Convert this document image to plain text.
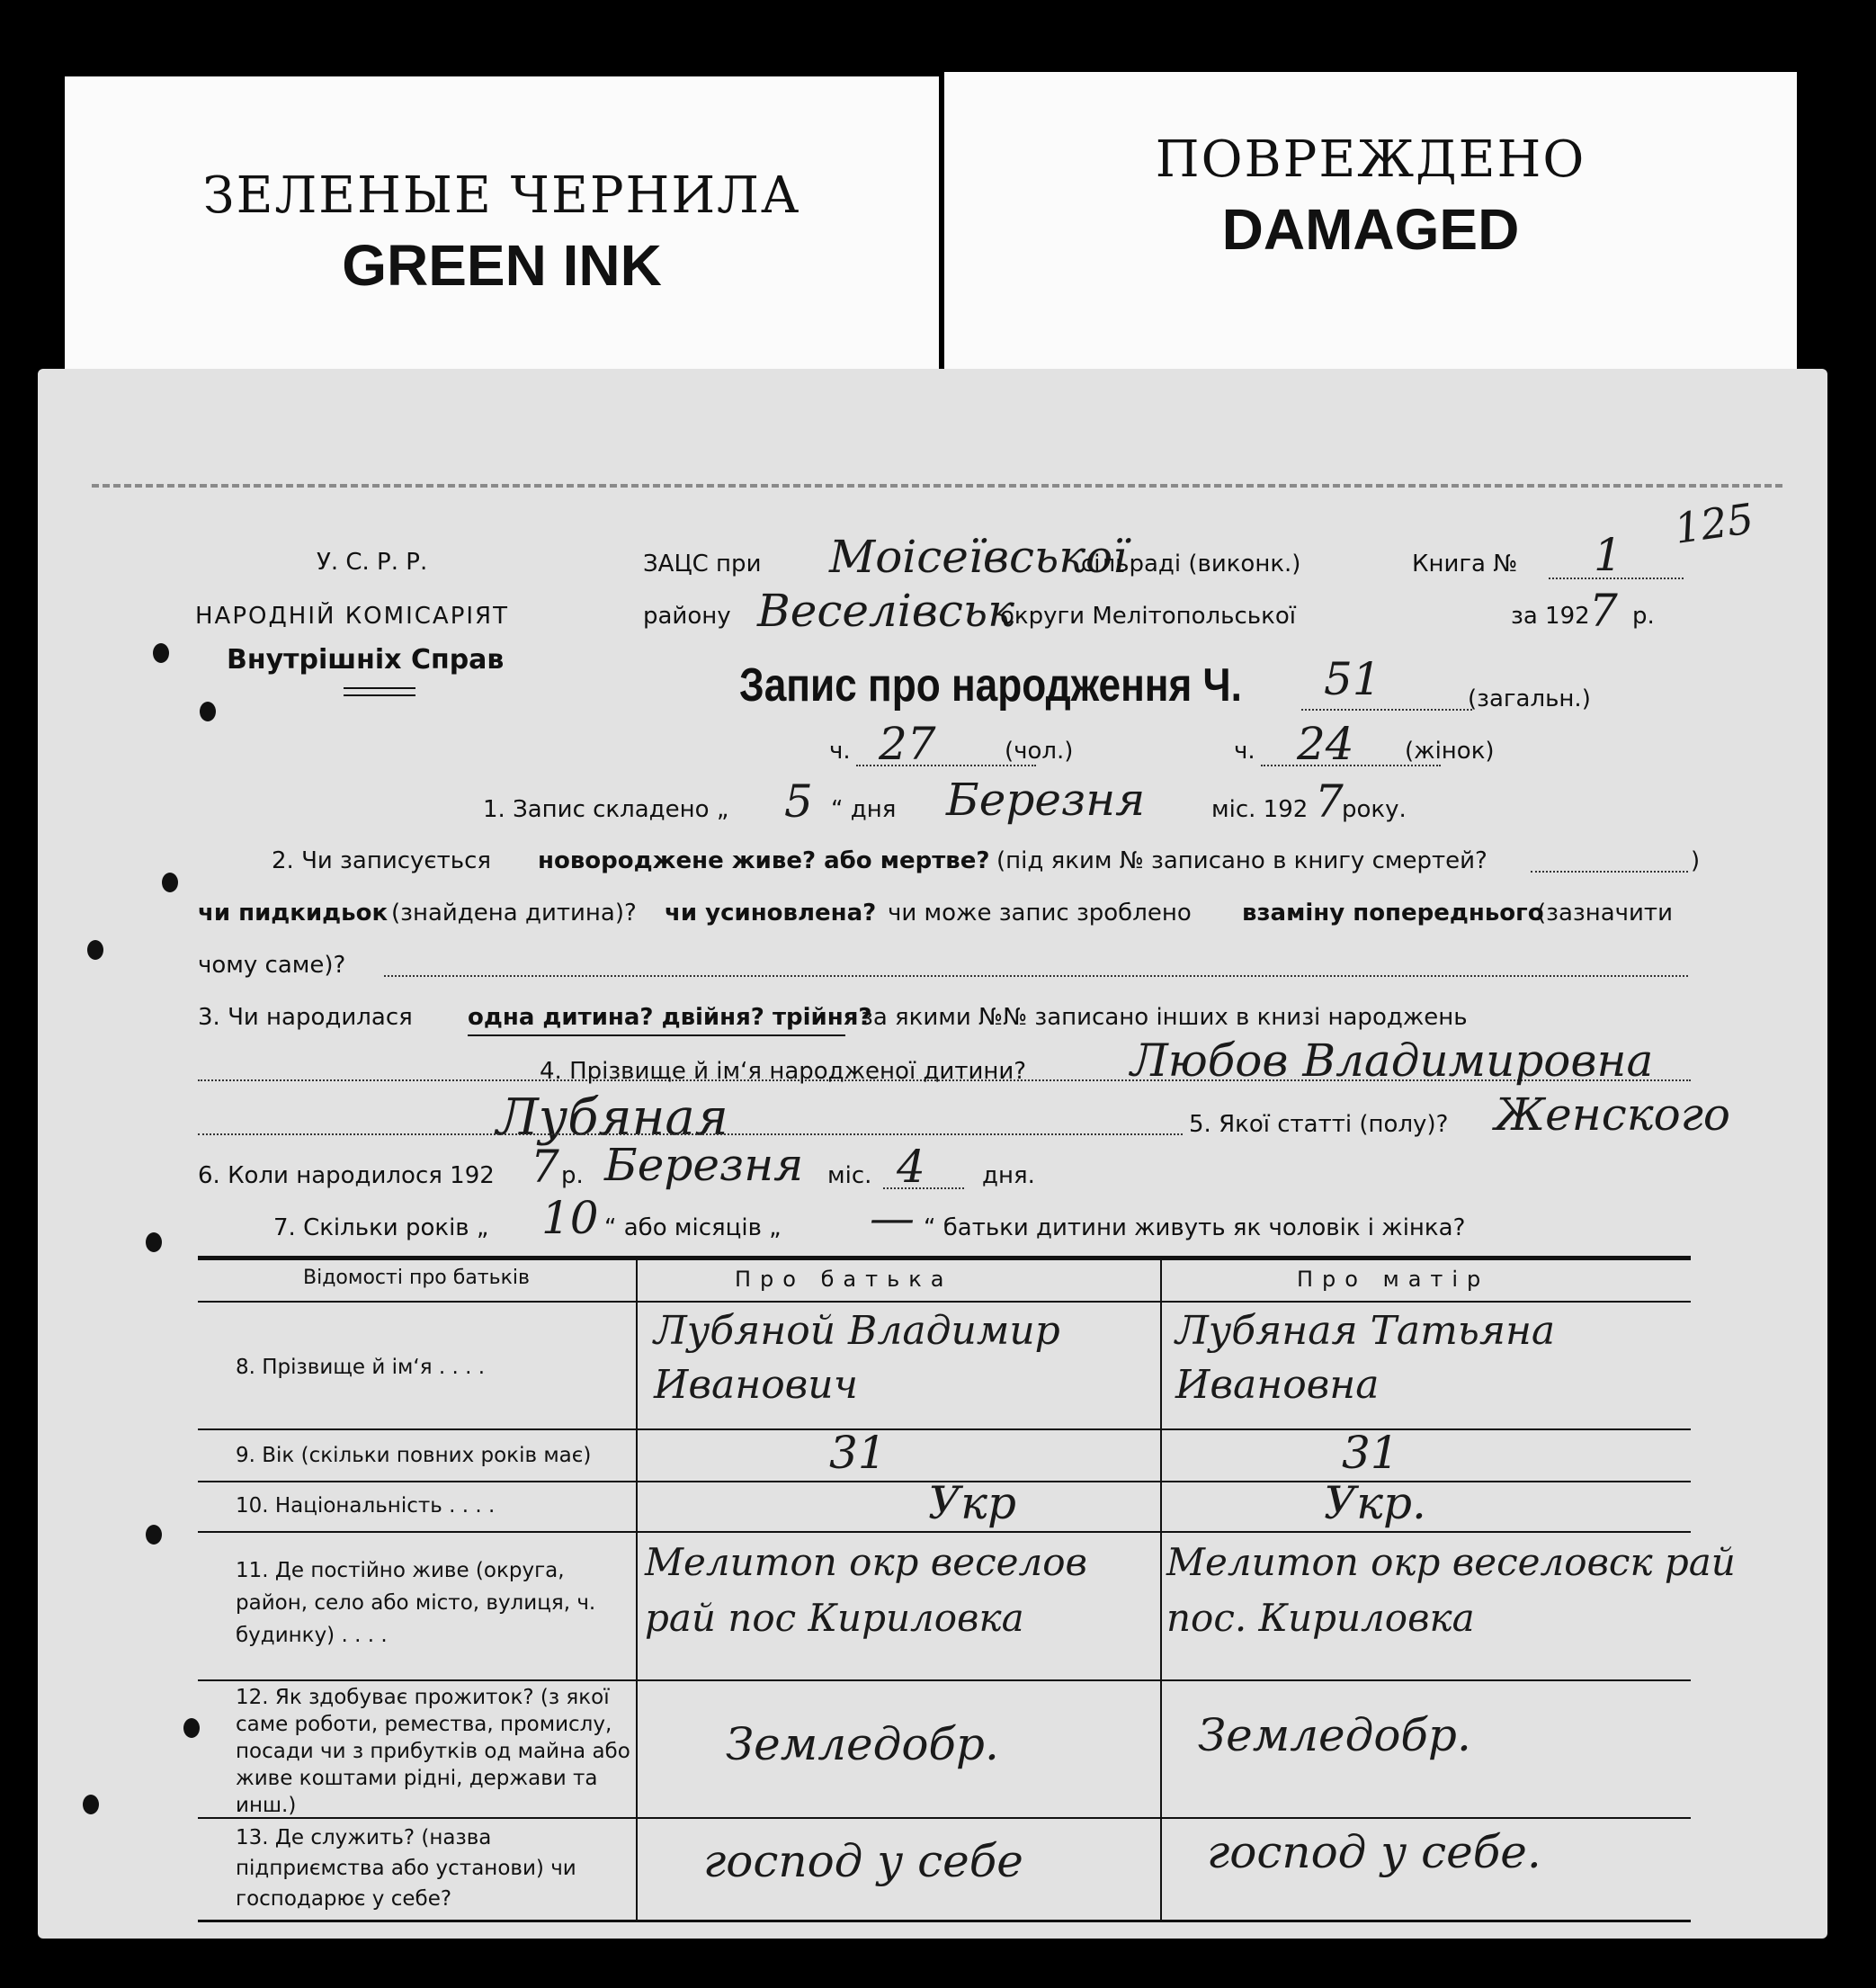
ЗЕЛЕНЫЕ ЧЕРНИЛА
GREEN INK
ПОВРЕЖДЕНО
DAMAGED
У. С. Р. Р.
НАРОДНІЙ КОМІСАРІЯТ
Внутрішніх Справ
ЗАЦС при Моісеївської
сільраді (виконк.)	Книга № 1
125
району Веселівськ
округи Мелітопольської	за 192 7 р.
Запис про народження Ч. 51	(загальн.)
ч. 27	(чол.)	ч. 24 (жінок)
1. Запис складено „ 5 “ дня Березня	міс. 192 7
року.
2. Чи записується новороджене живе? або мертве? (під яким № записано в книгу смертей?	)
чи пидкидьок (знайдена дитина)? чи усиновлена? чи може запис зроблено взаміну попереднього
(зазначити
чому саме)?
3. Чи народилася одна дитина? двійня? трійня?
за якими №№ записано інших в книзі народжень
4. Прізвище й ім‘я народженої дитини? Любов Владимировна
Лубяная	5. Якої статті (полу)? Женского
6. Коли народилося 192 7 р. Березня міс. 4 дня.
7. Скільки років „ 10 “ або місяців „ — “ батьки дитини живуть як чоловік і жінка?
Відомості про батьків	Про батька	Про матір
8. Прізвище й ім‘я . . . .
Лубяной Владимир Иванович
Лубяная Татьяна Ивановна
9. Вік (скільки повних років має)	31	31
10. Національність . . . .	Укр	Укр.
11. Де постійно живе (округа, район, село або місто, вулиця, ч. будинку) . . . .
Мелитоп окр веселов рай пос Кириловка
Мелитоп окр веселовск рай пос. Кириловка
12. Як здобуває прожиток? (з якої саме роботи, ремества, промислу, посади чи з прибутків од майна або живе коштами рідні, держави та инш.)
Земледобр.	Земледобр.
13. Де служить? (назва підприємства або установи) чи господарює у себе?
господ у себе	господ у себе.
